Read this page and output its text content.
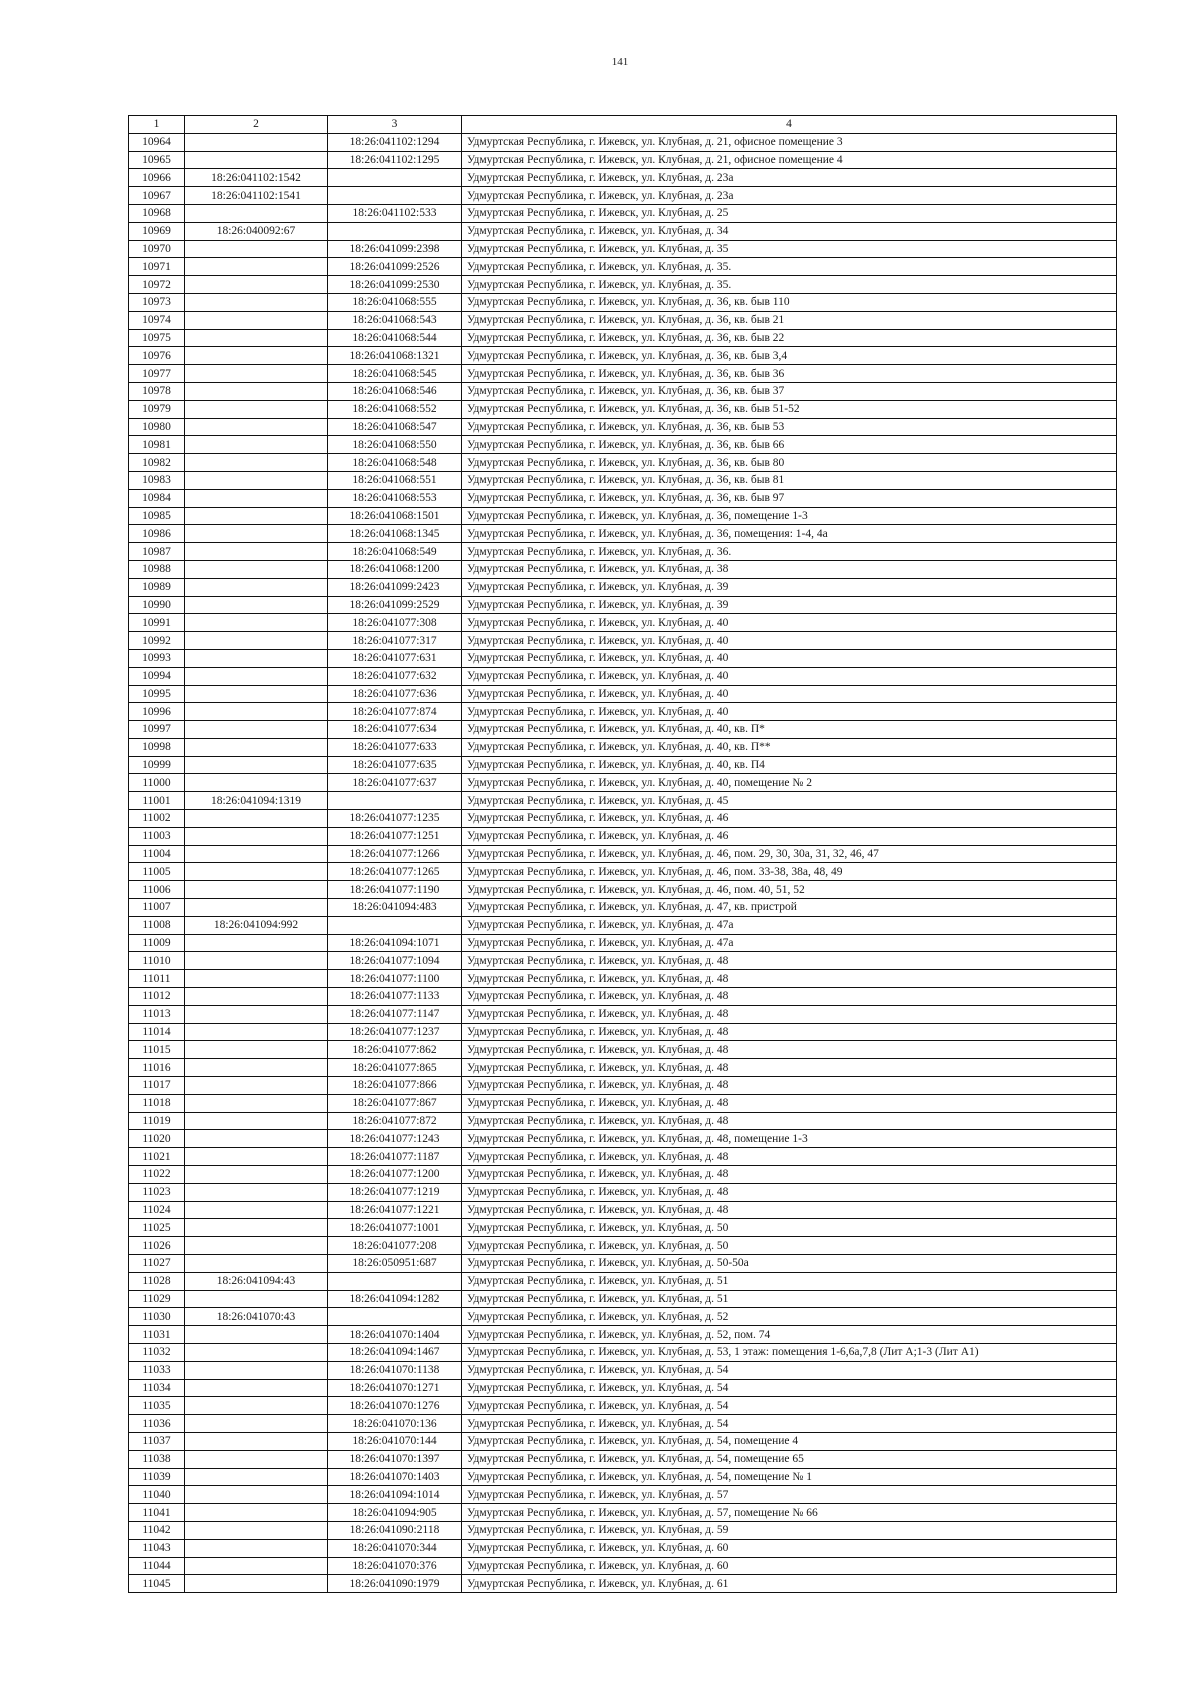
141
1	2	3	4
10964		18:26:041102:1294	Удмуртская Республика, г. Ижевск, ул. Клубная, д. 21, офисное помещение 3
10965		18:26:041102:1295	Удмуртская Республика, г. Ижевск, ул. Клубная, д. 21, офисное помещение 4
10966	18:26:041102:1542		Удмуртская Республика, г. Ижевск, ул. Клубная, д. 23а
10967	18:26:041102:1541		Удмуртская Республика, г. Ижевск, ул. Клубная, д. 23а
10968		18:26:041102:533	Удмуртская Республика, г. Ижевск, ул. Клубная, д. 25
10969	18:26:040092:67		Удмуртская Республика, г. Ижевск, ул. Клубная, д. 34
10970		18:26:041099:2398	Удмуртская Республика, г. Ижевск, ул. Клубная, д. 35
10971		18:26:041099:2526	Удмуртская Республика, г. Ижевск, ул. Клубная, д. 35.
10972		18:26:041099:2530	Удмуртская Республика, г. Ижевск, ул. Клубная, д. 35.
10973		18:26:041068:555	Удмуртская Республика, г. Ижевск, ул. Клубная, д. 36, кв. быв 110
10974		18:26:041068:543	Удмуртская Республика, г. Ижевск, ул. Клубная, д. 36, кв. быв 21
10975		18:26:041068:544	Удмуртская Республика, г. Ижевск, ул. Клубная, д. 36, кв. быв 22
10976		18:26:041068:1321	Удмуртская Республика, г. Ижевск, ул. Клубная, д. 36, кв. быв 3,4
10977		18:26:041068:545	Удмуртская Республика, г. Ижевск, ул. Клубная, д. 36, кв. быв 36
10978		18:26:041068:546	Удмуртская Республика, г. Ижевск, ул. Клубная, д. 36, кв. быв 37
10979		18:26:041068:552	Удмуртская Республика, г. Ижевск, ул. Клубная, д. 36, кв. быв 51-52
10980		18:26:041068:547	Удмуртская Республика, г. Ижевск, ул. Клубная, д. 36, кв. быв 53
10981		18:26:041068:550	Удмуртская Республика, г. Ижевск, ул. Клубная, д. 36, кв. быв 66
10982		18:26:041068:548	Удмуртская Республика, г. Ижевск, ул. Клубная, д. 36, кв. быв 80
10983		18:26:041068:551	Удмуртская Республика, г. Ижевск, ул. Клубная, д. 36, кв. быв 81
10984		18:26:041068:553	Удмуртская Республика, г. Ижевск, ул. Клубная, д. 36, кв. быв 97
10985		18:26:041068:1501	Удмуртская Республика, г. Ижевск, ул. Клубная, д. 36, помещение 1-3
10986		18:26:041068:1345	Удмуртская Республика, г. Ижевск, ул. Клубная, д. 36, помещения: 1-4, 4а
10987		18:26:041068:549	Удмуртская Республика, г. Ижевск, ул. Клубная, д. 36.
10988		18:26:041068:1200	Удмуртская Республика, г. Ижевск, ул. Клубная, д. 38
10989		18:26:041099:2423	Удмуртская Республика, г. Ижевск, ул. Клубная, д. 39
10990		18:26:041099:2529	Удмуртская Республика, г. Ижевск, ул. Клубная, д. 39
10991		18:26:041077:308	Удмуртская Республика, г. Ижевск, ул. Клубная, д. 40
10992		18:26:041077:317	Удмуртская Республика, г. Ижевск, ул. Клубная, д. 40
10993		18:26:041077:631	Удмуртская Республика, г. Ижевск, ул. Клубная, д. 40
10994		18:26:041077:632	Удмуртская Республика, г. Ижевск, ул. Клубная, д. 40
10995		18:26:041077:636	Удмуртская Республика, г. Ижевск, ул. Клубная, д. 40
10996		18:26:041077:874	Удмуртская Республика, г. Ижевск, ул. Клубная, д. 40
10997		18:26:041077:634	Удмуртская Республика, г. Ижевск, ул. Клубная, д. 40, кв. П*
10998		18:26:041077:633	Удмуртская Республика, г. Ижевск, ул. Клубная, д. 40, кв. П**
10999		18:26:041077:635	Удмуртская Республика, г. Ижевск, ул. Клубная, д. 40, кв. П4
11000		18:26:041077:637	Удмуртская Республика, г. Ижевск, ул. Клубная, д. 40, помещение № 2
11001	18:26:041094:1319		Удмуртская Республика, г. Ижевск, ул. Клубная, д. 45
11002		18:26:041077:1235	Удмуртская Республика, г. Ижевск, ул. Клубная, д. 46
11003		18:26:041077:1251	Удмуртская Республика, г. Ижевск, ул. Клубная, д. 46
11004		18:26:041077:1266	Удмуртская Республика, г. Ижевск, ул. Клубная, д. 46, пом. 29, 30, 30а, 31, 32, 46, 47
11005		18:26:041077:1265	Удмуртская Республика, г. Ижевск, ул. Клубная, д. 46, пом. 33-38, 38а, 48, 49
11006		18:26:041077:1190	Удмуртская Республика, г. Ижевск, ул. Клубная, д. 46, пом. 40, 51, 52
11007		18:26:041094:483	Удмуртская Республика, г. Ижевск, ул. Клубная, д. 47, кв. пристрой
11008	18:26:041094:992		Удмуртская Республика, г. Ижевск, ул. Клубная, д. 47а
11009		18:26:041094:1071	Удмуртская Республика, г. Ижевск, ул. Клубная, д. 47а
11010		18:26:041077:1094	Удмуртская Республика, г. Ижевск, ул. Клубная, д. 48
11011		18:26:041077:1100	Удмуртская Республика, г. Ижевск, ул. Клубная, д. 48
11012		18:26:041077:1133	Удмуртская Республика, г. Ижевск, ул. Клубная, д. 48
11013		18:26:041077:1147	Удмуртская Республика, г. Ижевск, ул. Клубная, д. 48
11014		18:26:041077:1237	Удмуртская Республика, г. Ижевск, ул. Клубная, д. 48
11015		18:26:041077:862	Удмуртская Республика, г. Ижевск, ул. Клубная, д. 48
11016		18:26:041077:865	Удмуртская Республика, г. Ижевск, ул. Клубная, д. 48
11017		18:26:041077:866	Удмуртская Республика, г. Ижевск, ул. Клубная, д. 48
11018		18:26:041077:867	Удмуртская Республика, г. Ижевск, ул. Клубная, д. 48
11019		18:26:041077:872	Удмуртская Республика, г. Ижевск, ул. Клубная, д. 48
11020		18:26:041077:1243	Удмуртская Республика, г. Ижевск, ул. Клубная, д. 48, помещение 1-3
11021		18:26:041077:1187	Удмуртская Республика, г. Ижевск, ул. Клубная, д. 48
11022		18:26:041077:1200	Удмуртская Республика, г. Ижевск, ул. Клубная, д. 48
11023		18:26:041077:1219	Удмуртская Республика, г. Ижевск, ул. Клубная, д. 48
11024		18:26:041077:1221	Удмуртская Республика, г. Ижевск, ул. Клубная, д. 48
11025		18:26:041077:1001	Удмуртская Республика, г. Ижевск, ул. Клубная, д. 50
11026		18:26:041077:208	Удмуртская Республика, г. Ижевск, ул. Клубная, д. 50
11027		18:26:050951:687	Удмуртская Республика, г. Ижевск, ул. Клубная, д. 50-50а
11028	18:26:041094:43		Удмуртская Республика, г. Ижевск, ул. Клубная, д. 51
11029		18:26:041094:1282	Удмуртская Республика, г. Ижевск, ул. Клубная, д. 51
11030	18:26:041070:43		Удмуртская Республика, г. Ижевск, ул. Клубная, д. 52
11031		18:26:041070:1404	Удмуртская Республика, г. Ижевск, ул. Клубная, д. 52, пом. 74
11032		18:26:041094:1467	Удмуртская Республика, г. Ижевск, ул. Клубная, д. 53, 1 этаж: помещения 1-6,6а,7,8 (Лит А;1-3 (Лит А1)
11033		18:26:041070:1138	Удмуртская Республика, г. Ижевск, ул. Клубная, д. 54
11034		18:26:041070:1271	Удмуртская Республика, г. Ижевск, ул. Клубная, д. 54
11035		18:26:041070:1276	Удмуртская Республика, г. Ижевск, ул. Клубная, д. 54
11036		18:26:041070:136	Удмуртская Республика, г. Ижевск, ул. Клубная, д. 54
11037		18:26:041070:144	Удмуртская Республика, г. Ижевск, ул. Клубная, д. 54, помещение 4
11038		18:26:041070:1397	Удмуртская Республика, г. Ижевск, ул. Клубная, д. 54, помещение 65
11039		18:26:041070:1403	Удмуртская Республика, г. Ижевск, ул. Клубная, д. 54, помещение № 1
11040		18:26:041094:1014	Удмуртская Республика, г. Ижевск, ул. Клубная, д. 57
11041		18:26:041094:905	Удмуртская Республика, г. Ижевск, ул. Клубная, д. 57, помещение № 66
11042		18:26:041090:2118	Удмуртская Республика, г. Ижевск, ул. Клубная, д. 59
11043		18:26:041070:344	Удмуртская Республика, г. Ижевск, ул. Клубная, д. 60
11044		18:26:041070:376	Удмуртская Республика, г. Ижевск, ул. Клубная, д. 60
11045		18:26:041090:1979	Удмуртская Республика, г. Ижевск, ул. Клубная, д. 61
